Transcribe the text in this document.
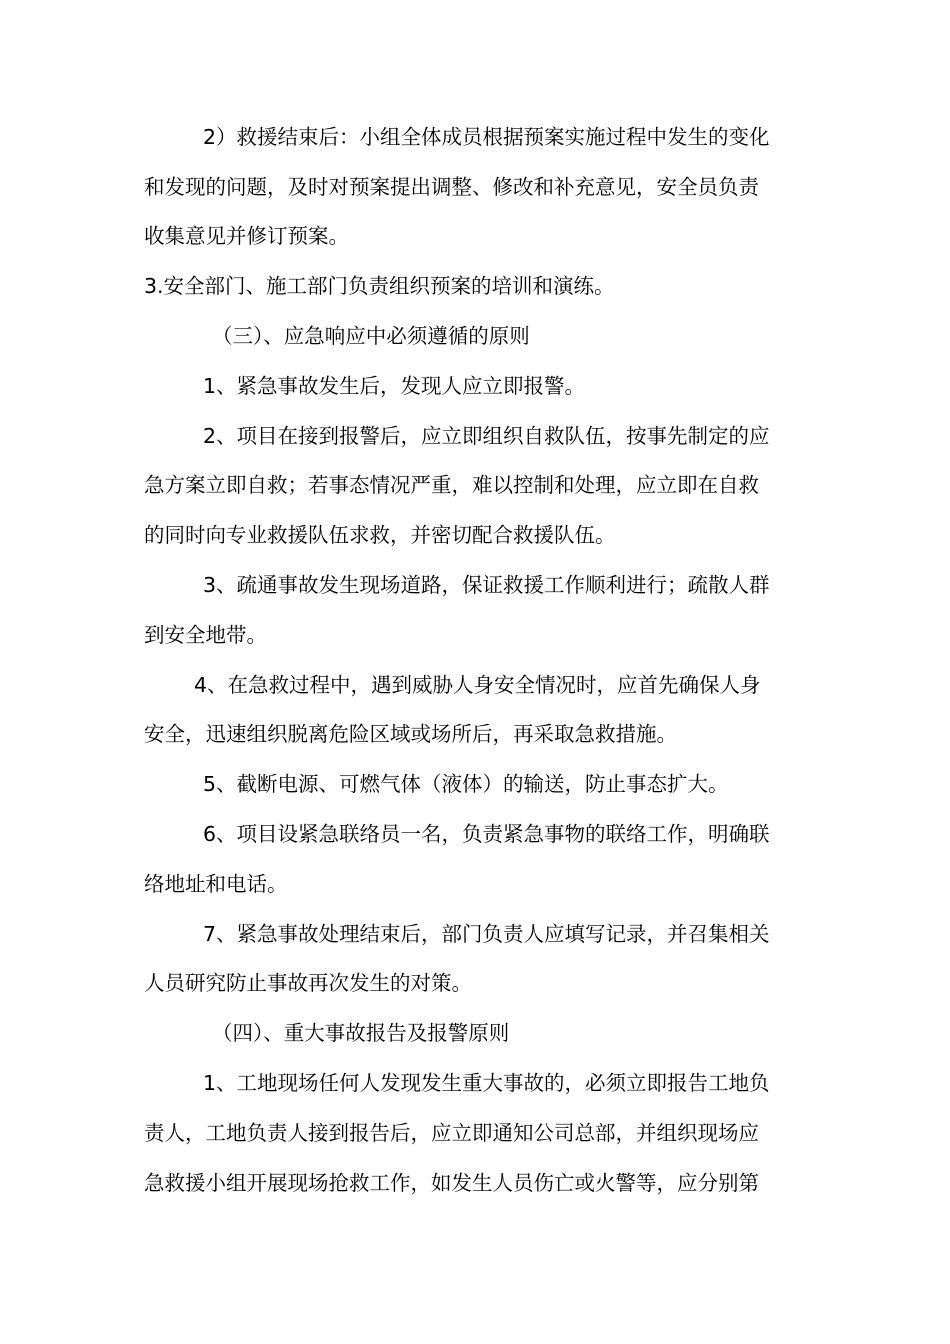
2）救援结束后：小组全体成员根据预案实施过程中发生的变化
和发现的问题，及时对预案提出调整、修改和补充意见，安全员负责
收集意见并修订预案。
3.安全部门、施工部门负责组织预案的培训和演练。
（三）、应急响应中必须遵循的原则
1、紧急事故发生后，发现人应立即报警。
2、项目在接到报警后，应立即组织自救队伍，按事先制定的应
急方案立即自救；若事态情况严重，难以控制和处理，应立即在自救
的同时向专业救援队伍求救，并密切配合救援队伍。
3、疏通事故发生现场道路，保证救援工作顺利进行；疏散人群
到安全地带。
4、在急救过程中，遇到威胁人身安全情况时，应首先确保人身
安全，迅速组织脱离危险区域或场所后，再采取急救措施。
5、截断电源、可燃气体（液体）的输送，防止事态扩大。
6、项目设紧急联络员一名，负责紧急事物的联络工作，明确联
络地址和电话。
7、紧急事故处理结束后，部门负责人应填写记录，并召集相关
人员研究防止事故再次发生的对策。
（四）、重大事故报告及报警原则
1、工地现场任何人发现发生重大事故的，必须立即报告工地负
责人，工地负责人接到报告后，应立即通知公司总部，并组织现场应
急救援小组开展现场抢救工作，如发生人员伤亡或火警等，应分别第
